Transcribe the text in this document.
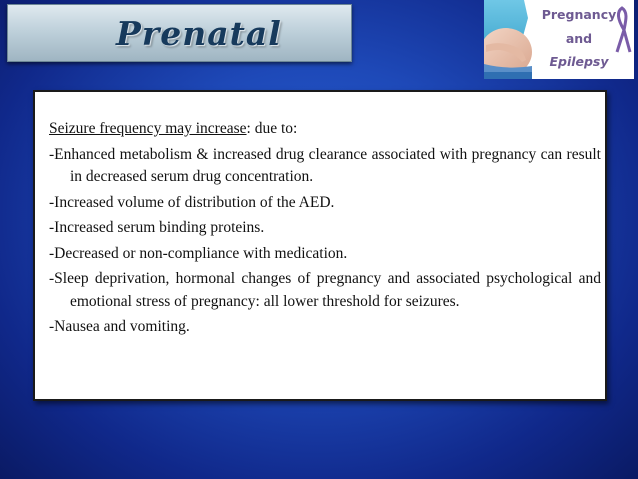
Prenatal	Pregnancy
and
Epilepsy

Seizure frequency may increase: due to:

-Enhanced metabolism & increased drug clearance associated with pregnancy can result in decreased serum drug concentration.

-Increased volume of distribution of the AED.

-Increased serum binding proteins.

-Decreased or non-compliance with medication.

-Sleep deprivation, hormonal changes of pregnancy and associated psychological and emotional stress of pregnancy: all lower threshold for seizures.

-Nausea and vomiting.
